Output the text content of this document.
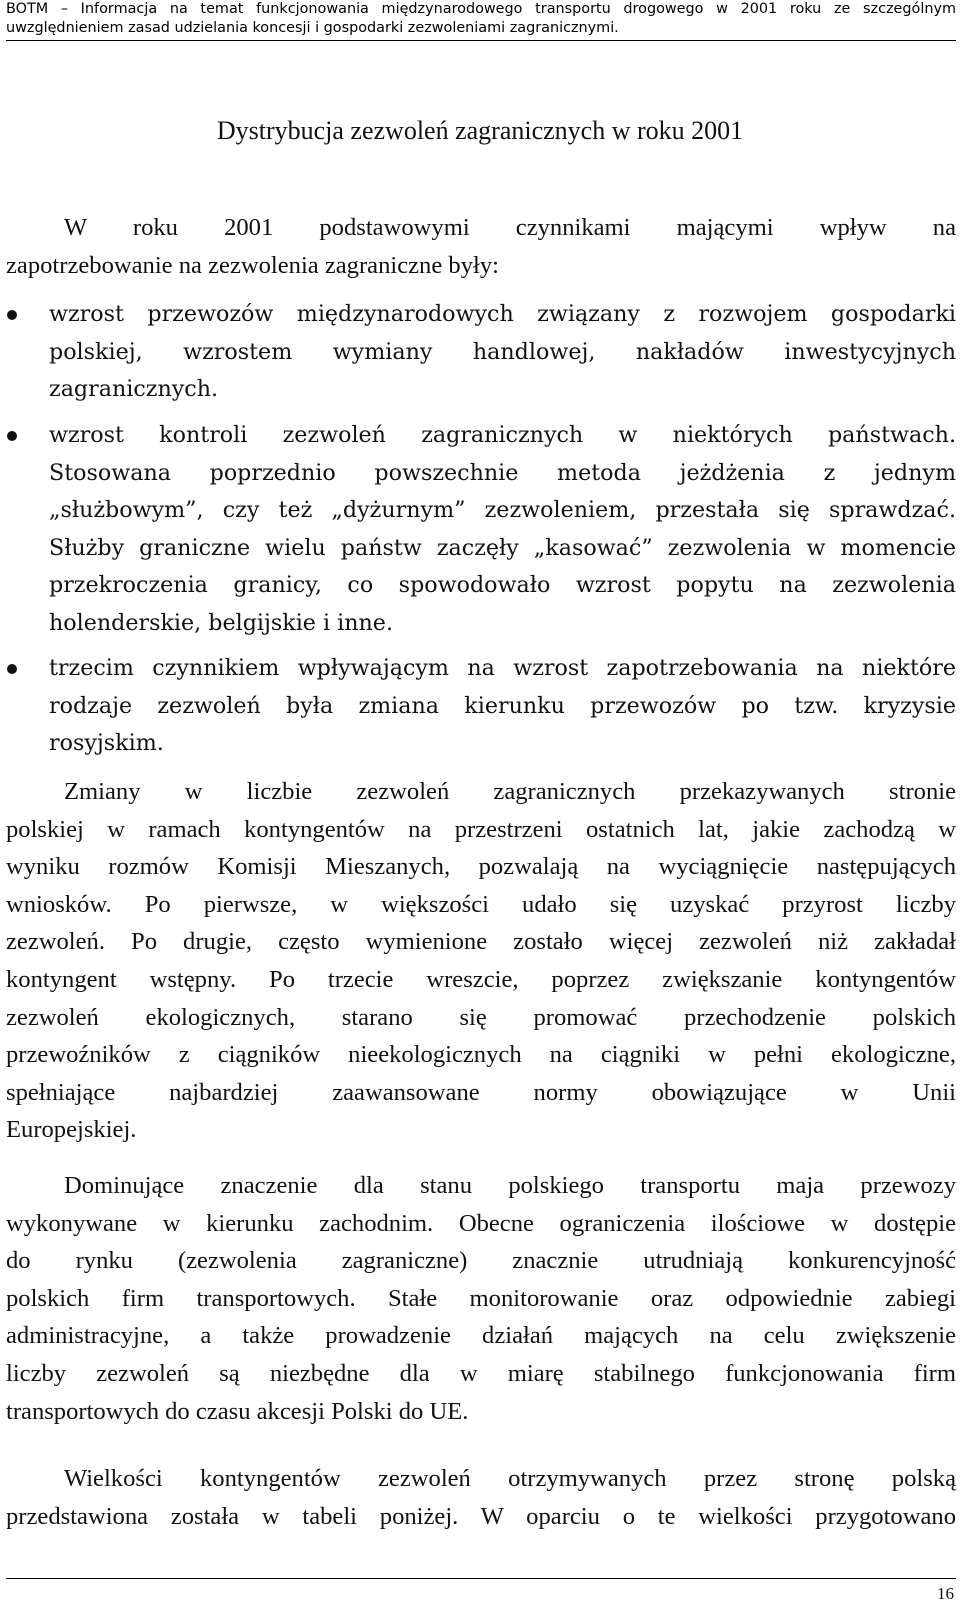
BOTM – Informacja na temat funkcjonowania międzynarodowego transportu drogowego w 2001 roku ze szczególnym
uwzględnieniem zasad udzielania koncesji i gospodarki zezwoleniami zagranicznymi.
Dystrybucja zezwoleń zagranicznych w roku 2001
W roku 2001 podstawowymi czynnikami mającymi wpływ na
zapotrzebowanie na zezwolenia zagraniczne były:
wzrost przewozów międzynarodowych związany z rozwojem gospodarki
polskiej, wzrostem wymiany handlowej, nakładów inwestycyjnych
zagranicznych.
wzrost kontroli zezwoleń zagranicznych w niektórych państwach.
Stosowana poprzednio powszechnie metoda jeżdżenia z jednym
„służbowym”, czy też „dyżurnym” zezwoleniem, przestała się sprawdzać.
Służby graniczne wielu państw zaczęły „kasować” zezwolenia w momencie
przekroczenia granicy, co spowodowało wzrost popytu na zezwolenia
holenderskie, belgijskie i inne.
trzecim czynnikiem wpływającym na wzrost zapotrzebowania na niektóre
rodzaje zezwoleń była zmiana kierunku przewozów po tzw. kryzysie
rosyjskim.
Zmiany w liczbie zezwoleń zagranicznych przekazywanych stronie
polskiej w ramach kontyngentów na przestrzeni ostatnich lat, jakie zachodzą w
wyniku rozmów Komisji Mieszanych, pozwalają na wyciągnięcie następujących
wniosków. Po pierwsze, w większości udało się uzyskać przyrost liczby
zezwoleń. Po drugie, często wymienione zostało więcej zezwoleń niż zakładał
kontyngent wstępny. Po trzecie wreszcie, poprzez zwiększanie kontyngentów
zezwoleń ekologicznych, starano się promować przechodzenie polskich
przewoźników z ciągników nieekologicznych na ciągniki w pełni ekologiczne,
spełniające najbardziej zaawansowane normy obowiązujące w Unii
Europejskiej.
Dominujące znaczenie dla stanu polskiego transportu maja przewozy
wykonywane w kierunku zachodnim. Obecne ograniczenia ilościowe w dostępie
do rynku (zezwolenia zagraniczne) znacznie utrudniają konkurencyjność
polskich firm transportowych. Stałe monitorowanie oraz odpowiednie zabiegi
administracyjne, a także prowadzenie działań mających na celu zwiększenie
liczby zezwoleń są niezbędne dla w miarę stabilnego funkcjonowania firm
transportowych do czasu akcesji Polski do UE.
Wielkości kontyngentów zezwoleń otrzymywanych przez stronę polską
przedstawiona została w tabeli poniżej. W oparciu o te wielkości przygotowano
16
